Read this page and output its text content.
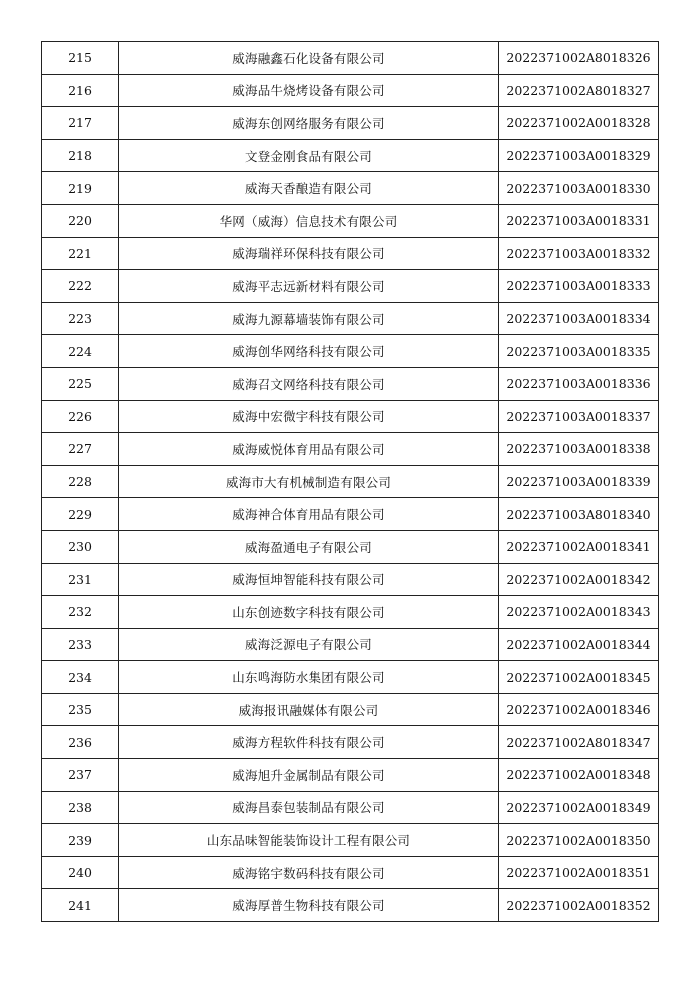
215	威海融鑫石化设备有限公司	2022371002A8018326
216	威海品牛烧烤设备有限公司	2022371002A8018327
217	威海东创网络服务有限公司	2022371002A0018328
218	文登金刚食品有限公司	2022371003A0018329
219	威海天香酿造有限公司	2022371003A0018330
220	华网（威海）信息技术有限公司	2022371003A0018331
221	威海瑞祥环保科技有限公司	2022371003A0018332
222	威海平志远新材料有限公司	2022371003A0018333
223	威海九源幕墙装饰有限公司	2022371003A0018334
224	威海创华网络科技有限公司	2022371003A0018335
225	威海召文网络科技有限公司	2022371003A0018336
226	威海中宏微宇科技有限公司	2022371003A0018337
227	威海威悦体育用品有限公司	2022371003A0018338
228	威海市大有机械制造有限公司	2022371003A0018339
229	威海神合体育用品有限公司	2022371003A8018340
230	威海盈通电子有限公司	2022371002A0018341
231	威海恒坤智能科技有限公司	2022371002A0018342
232	山东创迹数字科技有限公司	2022371002A0018343
233	威海泛源电子有限公司	2022371002A0018344
234	山东鸣海防水集团有限公司	2022371002A0018345
235	威海报讯融媒体有限公司	2022371002A0018346
236	威海方程软件科技有限公司	2022371002A8018347
237	威海旭升金属制品有限公司	2022371002A0018348
238	威海昌泰包装制品有限公司	2022371002A0018349
239	山东品味智能装饰设计工程有限公司	2022371002A0018350
240	威海铭宇数码科技有限公司	2022371002A0018351
241	威海厚普生物科技有限公司	2022371002A0018352
